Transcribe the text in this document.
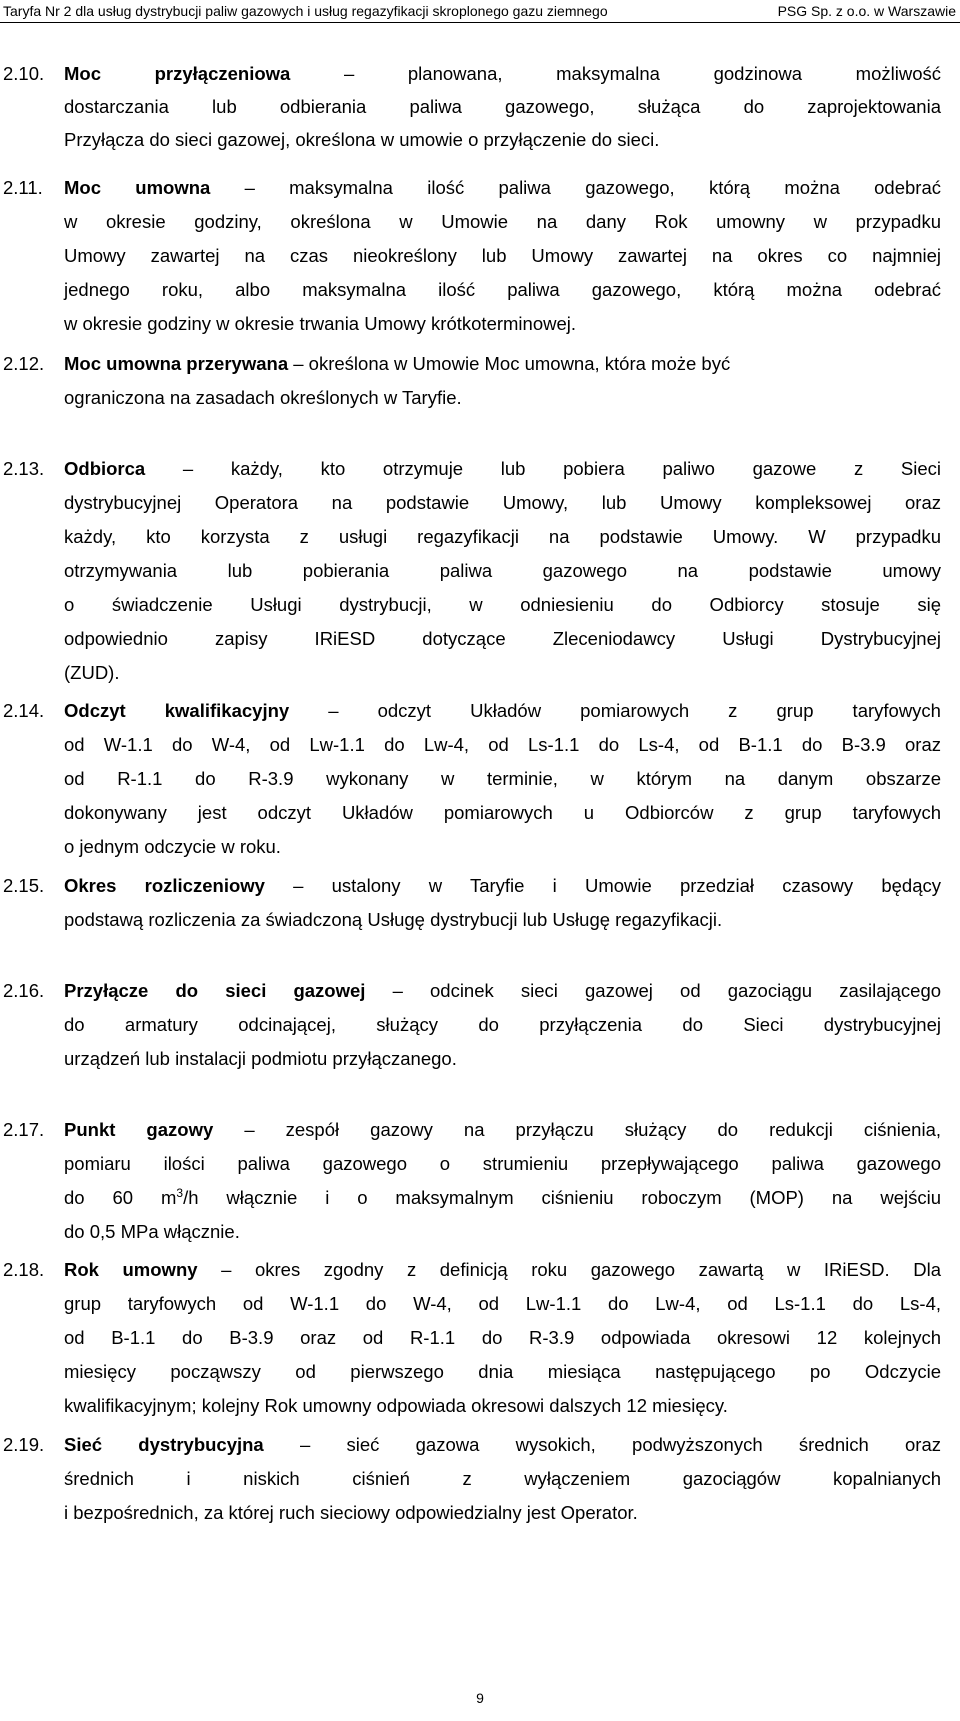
Taryfa Nr 2 dla usług dystrybucji paliw gazowych i usług regazyfikacji skroplonego gazu ziemnego	PSG Sp. z o.o. w Warszawie
2.10. Moc przyłączeniowa	– planowana, maksymalna godzinowa możliwość
dostarczania lub odbierania paliwa gazowego, służąca do zaprojektowania
Przyłącza do sieci gazowej, określona w umowie o przyłączenie do sieci.
2.11. Moc umowna – maksymalna ilość paliwa gazowego, którą można odebrać
w okresie godziny, określona w Umowie na dany Rok umowny w przypadku
Umowy zawartej na czas nieokreślony lub Umowy zawartej na okres co najmniej
jednego roku, albo maksymalna ilość paliwa gazowego, którą można odebrać
w okresie godziny w okresie trwania Umowy krótkoterminowej.
2.12. Moc umowna przerywana – określona w Umowie Moc umowna, która może być
ograniczona na zasadach określonych w Taryfie.
2.13. Odbiorca – każdy, kto otrzymuje lub pobiera paliwo gazowe z Sieci
dystrybucyjnej Operatora na podstawie Umowy, lub Umowy kompleksowej oraz
każdy, kto korzysta z usługi regazyfikacji na podstawie Umowy. W przypadku
otrzymywania lub pobierania paliwa gazowego na podstawie umowy
o świadczenie Usługi dystrybucji, w odniesieniu do Odbiorcy stosuje się
odpowiednio zapisy IRiESD dotyczące Zleceniodawcy Usługi Dystrybucyjnej
(ZUD).
2.14. Odczyt kwalifikacyjny – odczyt Układów pomiarowych z grup taryfowych
od W-1.1 do W-4, od Lw-1.1 do Lw-4, od Ls-1.1 do Ls-4, od B-1.1 do B-3.9 oraz
od R-1.1 do R-3.9 wykonany w terminie, w którym na danym obszarze
dokonywany jest odczyt Układów pomiarowych u Odbiorców z grup taryfowych
o jednym odczycie w roku.
2.15. Okres rozliczeniowy – ustalony w Taryfie i Umowie przedział czasowy będący
podstawą rozliczenia za świadczoną Usługę dystrybucji lub Usługę regazyfikacji.
2.16. Przyłącze do sieci gazowej – odcinek sieci gazowej od gazociągu zasilającego
do armatury odcinającej, służący do przyłączenia do Sieci dystrybucyjnej
urządzeń lub instalacji podmiotu przyłączanego.
2.17. Punkt gazowy – zespół gazowy na przyłączu służący do redukcji ciśnienia,
pomiaru ilości paliwa gazowego o strumieniu przepływającego paliwa gazowego
do 60 $m^3/h$ włącznie i o maksymalnym ciśnieniu roboczym (MOP) na wejściu
do 0,5 MPa włącznie.
2.18. Rok umowny – okres zgodny z definicją roku gazowego zawartą w IRiESD. Dla
grup taryfowych od W-1.1 do W-4, od Lw-1.1 do Lw-4, od Ls-1.1 do Ls-4,
od B-1.1 do B-3.9 oraz od R-1.1 do R-3.9 odpowiada okresowi 12 kolejnych
miesięcy począwszy od pierwszego dnia miesiąca następującego po Odczycie
kwalifikacyjnym; kolejny Rok umowny odpowiada okresowi dalszych 12 miesięcy.
2.19. Sieć dystrybucyjna – sieć gazowa wysokich, podwyższonych średnich oraz
średnich i niskich ciśnień z wyłączeniem gazociągów kopalnianych
i bezpośrednich, za której ruch sieciowy odpowiedzialny jest Operator.
9
